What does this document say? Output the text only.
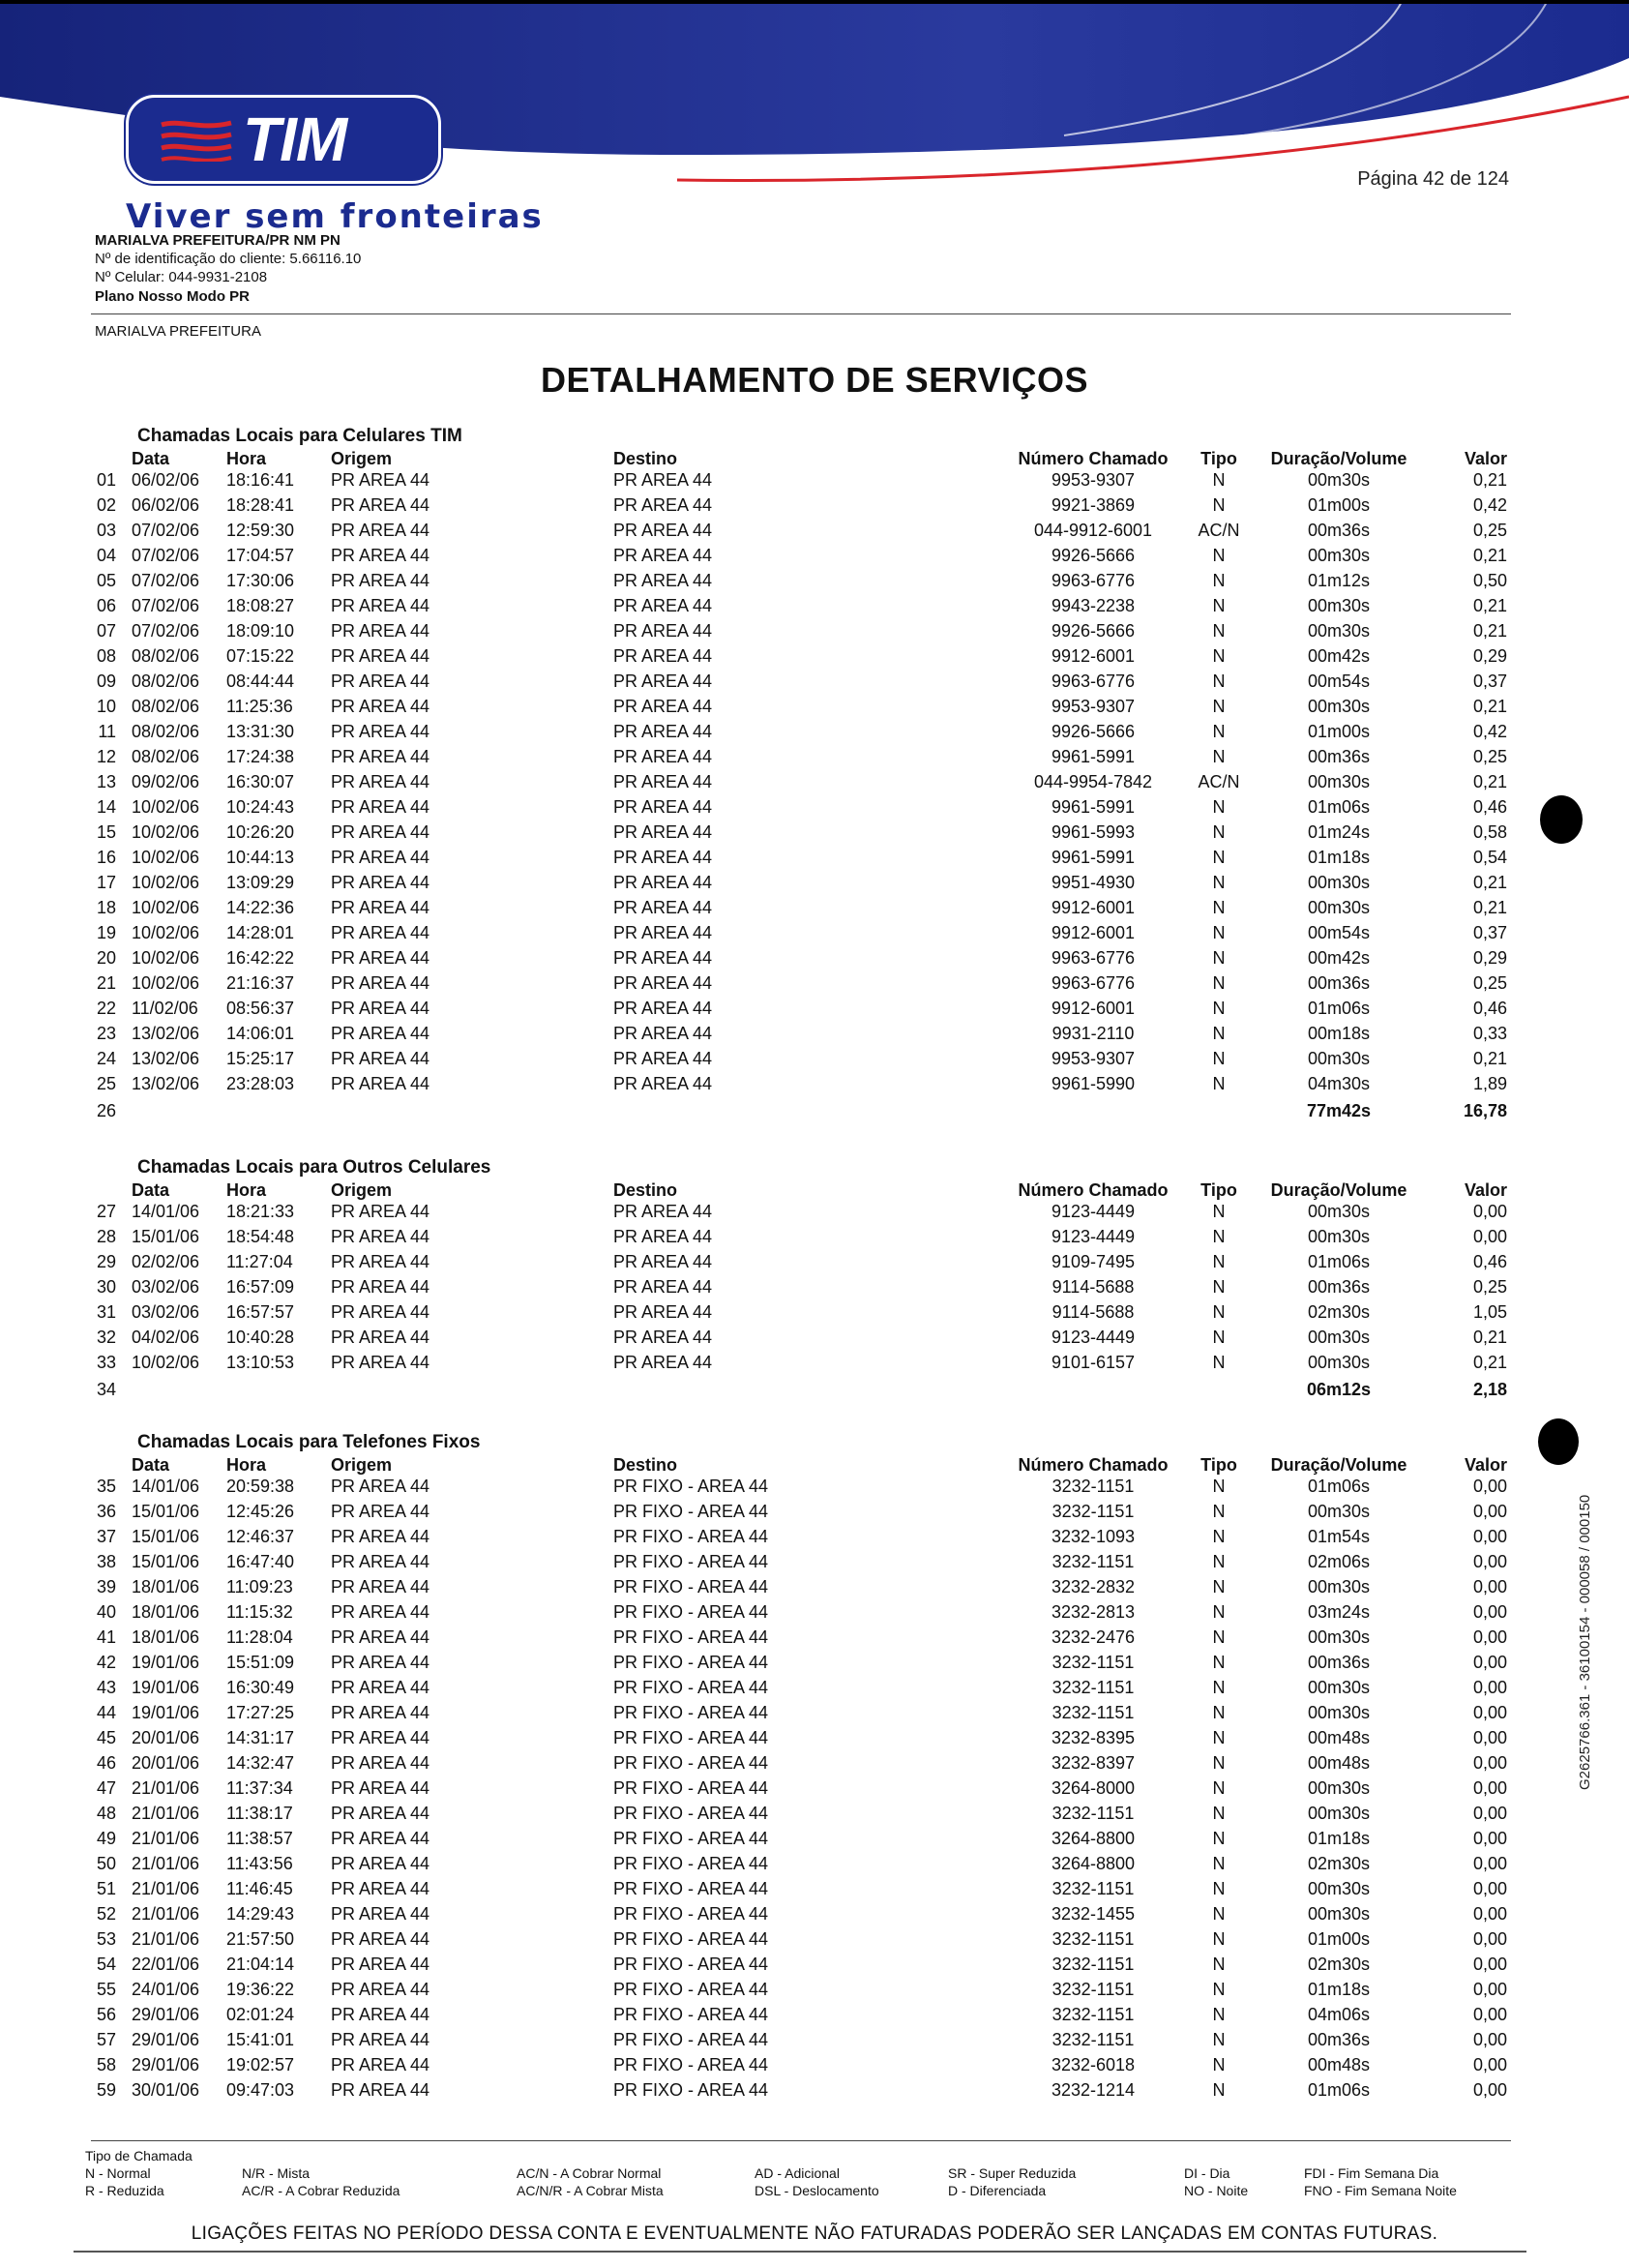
TIM
Página 42 de 124
Viver sem fronteiras
MARIALVA PREFEITURA/PR NM PN
Nº de identificação do cliente: 5.66116.10
Nº Celular: 044-9931-2108
Plano Nosso Modo PR
MARIALVA PREFEITURA
DETALHAMENTO DE SERVIÇOS
Chamadas Locais para Celulares TIM
Data	Hora	Origem	Destino	Número Chamado	Tipo	Duração/Volume	Valor
01 06/02/06 18:16:41 PR AREA 44	PR AREA 44	9953-9307	N	00m30s	0,21
02 06/02/06 18:28:41 PR AREA 44	PR AREA 44	9921-3869	N	01m00s	0,42
03 07/02/06 12:59:30 PR AREA 44	PR AREA 44	044-9912-6001	AC/N	00m36s	0,25
04 07/02/06 17:04:57 PR AREA 44	PR AREA 44	9926-5666	N	00m30s	0,21
05 07/02/06 17:30:06 PR AREA 44	PR AREA 44	9963-6776	N	01m12s	0,50
06 07/02/06 18:08:27 PR AREA 44	PR AREA 44	9943-2238	N	00m30s	0,21
07 07/02/06 18:09:10 PR AREA 44	PR AREA 44	9926-5666	N	00m30s	0,21
08 08/02/06 07:15:22 PR AREA 44	PR AREA 44	9912-6001	N	00m42s	0,29
09 08/02/06 08:44:44 PR AREA 44	PR AREA 44	9963-6776	N	00m54s	0,37
10 08/02/06 11:25:36 PR AREA 44	PR AREA 44	9953-9307	N	00m30s	0,21
11 08/02/06 13:31:30 PR AREA 44	PR AREA 44	9926-5666	N	01m00s	0,42
12 08/02/06 17:24:38 PR AREA 44	PR AREA 44	9961-5991	N	00m36s	0,25
13 09/02/06 16:30:07 PR AREA 44	PR AREA 44	044-9954-7842	AC/N	00m30s	0,21
14 10/02/06 10:24:43 PR AREA 44	PR AREA 44	9961-5991	N	01m06s	0,46
15 10/02/06 10:26:20 PR AREA 44	PR AREA 44	9961-5993	N	01m24s	0,58
16 10/02/06 10:44:13 PR AREA 44	PR AREA 44	9961-5991	N	01m18s	0,54
17 10/02/06 13:09:29 PR AREA 44	PR AREA 44	9951-4930	N	00m30s	0,21
18 10/02/06 14:22:36 PR AREA 44	PR AREA 44	9912-6001	N	00m30s	0,21
19 10/02/06 14:28:01 PR AREA 44	PR AREA 44	9912-6001	N	00m54s	0,37
20 10/02/06 16:42:22 PR AREA 44	PR AREA 44	9963-6776	N	00m42s	0,29
21 10/02/06 21:16:37 PR AREA 44	PR AREA 44	9963-6776	N	00m36s	0,25
22 11/02/06 08:56:37 PR AREA 44	PR AREA 44	9912-6001	N	01m06s	0,46
23 13/02/06 14:06:01 PR AREA 44	PR AREA 44	9931-2110	N	00m18s	0,33
24 13/02/06 15:25:17 PR AREA 44	PR AREA 44	9953-9307	N	00m30s	0,21
25 13/02/06 23:28:03 PR AREA 44	PR AREA 44	9961-5990	N	04m30s	1,89
26	77m42s	16,78
Chamadas Locais para Outros Celulares
Data	Hora	Origem	Destino	Número Chamado	Tipo	Duração/Volume	Valor
27 14/01/06 18:21:33 PR AREA 44	PR AREA 44	9123-4449	N	00m30s	0,00
28 15/01/06 18:54:48 PR AREA 44	PR AREA 44	9123-4449	N	00m30s	0,00
29 02/02/06 11:27:04 PR AREA 44	PR AREA 44	9109-7495	N	01m06s	0,46
30 03/02/06 16:57:09 PR AREA 44	PR AREA 44	9114-5688	N	00m36s	0,25
31 03/02/06 16:57:57 PR AREA 44	PR AREA 44	9114-5688	N	02m30s	1,05
32 04/02/06 10:40:28 PR AREA 44	PR AREA 44	9123-4449	N	00m30s	0,21
33 10/02/06 13:10:53 PR AREA 44	PR AREA 44	9101-6157	N	00m30s	0,21
34	06m12s	2,18
Chamadas Locais para Telefones Fixos
Data	Hora	Origem	Destino	Número Chamado	Tipo	Duração/Volume	Valor
35 14/01/06 20:59:38 PR AREA 44	PR FIXO - AREA 44	3232-1151	N	01m06s	0,00
36 15/01/06 12:45:26 PR AREA 44	PR FIXO - AREA 44	3232-1151	N	00m30s	0,00
37 15/01/06 12:46:37 PR AREA 44	PR FIXO - AREA 44	3232-1093	N	01m54s	0,00
38 15/01/06 16:47:40 PR AREA 44	PR FIXO - AREA 44	3232-1151	N	02m06s	0,00
39 18/01/06 11:09:23 PR AREA 44	PR FIXO - AREA 44	3232-2832	N	00m30s	0,00
40 18/01/06 11:15:32 PR AREA 44	PR FIXO - AREA 44	3232-2813	N	03m24s	0,00
41 18/01/06 11:28:04 PR AREA 44	PR FIXO - AREA 44	3232-2476	N	00m30s	0,00
42 19/01/06 15:51:09 PR AREA 44	PR FIXO - AREA 44	3232-1151	N	00m36s	0,00
43 19/01/06 16:30:49 PR AREA 44	PR FIXO - AREA 44	3232-1151	N	00m30s	0,00
44 19/01/06 17:27:25 PR AREA 44	PR FIXO - AREA 44	3232-1151	N	00m30s	0,00
45 20/01/06 14:31:17 PR AREA 44	PR FIXO - AREA 44	3232-8395	N	00m48s	0,00
46 20/01/06 14:32:47 PR AREA 44	PR FIXO - AREA 44	3232-8397	N	00m48s	0,00
47 21/01/06 11:37:34 PR AREA 44	PR FIXO - AREA 44	3264-8000	N	00m30s	0,00
48 21/01/06 11:38:17 PR AREA 44	PR FIXO - AREA 44	3232-1151	N	00m30s	0,00
49 21/01/06 11:38:57 PR AREA 44	PR FIXO - AREA 44	3264-8800	N	01m18s	0,00
50 21/01/06 11:43:56 PR AREA 44	PR FIXO - AREA 44	3264-8800	N	02m30s	0,00
51 21/01/06 11:46:45 PR AREA 44	PR FIXO - AREA 44	3232-1151	N	00m30s	0,00
52 21/01/06 14:29:43 PR AREA 44	PR FIXO - AREA 44	3232-1455	N	00m30s	0,00
53 21/01/06 21:57:50 PR AREA 44	PR FIXO - AREA 44	3232-1151	N	01m00s	0,00
54 22/01/06 21:04:14 PR AREA 44	PR FIXO - AREA 44	3232-1151	N	02m30s	0,00
55 24/01/06 19:36:22 PR AREA 44	PR FIXO - AREA 44	3232-1151	N	01m18s	0,00
56 29/01/06 02:01:24 PR AREA 44	PR FIXO - AREA 44	3232-1151	N	04m06s	0,00
57 29/01/06 15:41:01 PR AREA 44	PR FIXO - AREA 44	3232-1151	N	00m36s	0,00
58 29/01/06 19:02:57 PR AREA 44	PR FIXO - AREA 44	3232-6018	N	00m48s	0,00
59 30/01/06 09:47:03 PR AREA 44	PR FIXO - AREA 44	3232-1214	N	01m06s	0,00
G2625766.361 - 36100154 - 000058 / 000150
Tipo de Chamada
N - Normal
R - Reduzida
N/R - Mista
AC/R - A Cobrar Reduzida
AC/N - A Cobrar Normal
AC/N/R - A Cobrar Mista
AD - Adicional
DSL - Deslocamento
SR - Super Reduzida
D - Diferenciada
DI - Dia
NO - Noite
FDI - Fim Semana Dia
FNO - Fim Semana Noite
LIGAÇÕES FEITAS NO PERÍODO DESSA CONTA E EVENTUALMENTE NÃO FATURADAS PODERÃO SER LANÇADAS EM CONTAS FUTURAS.
